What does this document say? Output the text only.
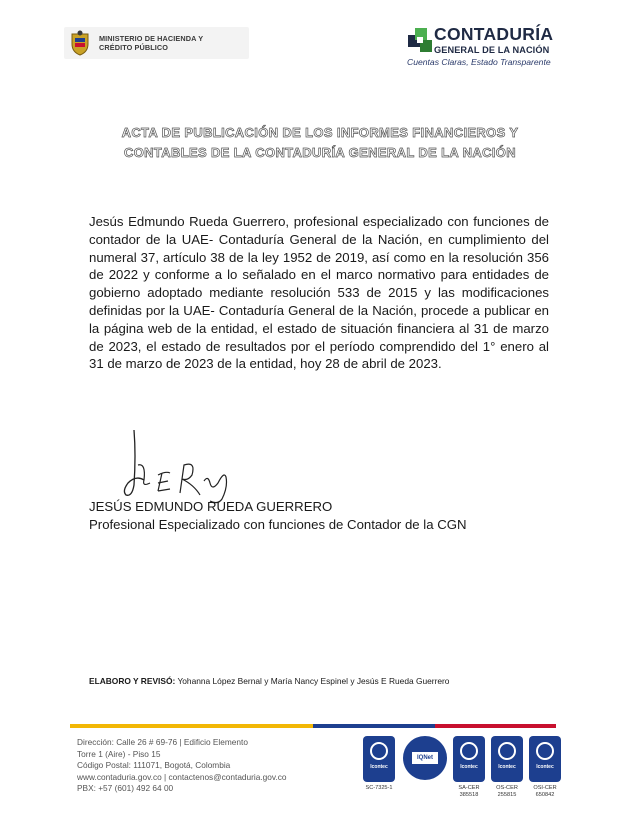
MINISTERIO DE HACIENDA Y
CRÉDITO PÚBLICO
CONTADURÍA
GENERAL DE LA NACIÓN
Cuentas Claras, Estado Transparente
ACTA DE PUBLICACIÓN DE LOS INFORMES FINANCIEROS Y
CONTABLES DE LA CONTADURÍA GENERAL DE LA NACIÓN
Jesús Edmundo Rueda Guerrero, profesional especializado con funciones de contador de la UAE- Contaduría General de la Nación, en cumplimiento del numeral 37, artículo 38 de la ley 1952 de 2019, así como en la resolución 356 de 2022 y conforme a lo señalado en el marco normativo para entidades de gobierno adoptado mediante resolución 533 de 2015 y las modificaciones definidas por la UAE- Contaduría General de la Nación, procede a publicar en la página web de la entidad, el estado de situación financiera al 31 de marzo de 2023, el estado de resultados por el período comprendido del 1° enero al 31 de marzo de 2023 de la entidad, hoy 28 de abril de 2023.
JESÚS EDMUNDO RUEDA GUERRERO
Profesional Especializado con funciones de Contador de la CGN
ELABORO Y REVISÓ: Yohanna López Bernal y María Nancy Espinel y Jesús E Rueda Guerrero
Dirección: Calle 26 # 69-76 | Edificio Elemento
Torre 1 (Aire) - Piso 15
Código Postal: 111071, Bogotá, Colombia
www.contaduria.gov.co | contactenos@contaduria.gov.co
PBX: +57 (601) 492 64 00
Icontec
SC-7325-1
IQNet
Icontec
SA-CER 385518
Icontec
OS-CER 255815
Icontec
OSI-CER 650842
